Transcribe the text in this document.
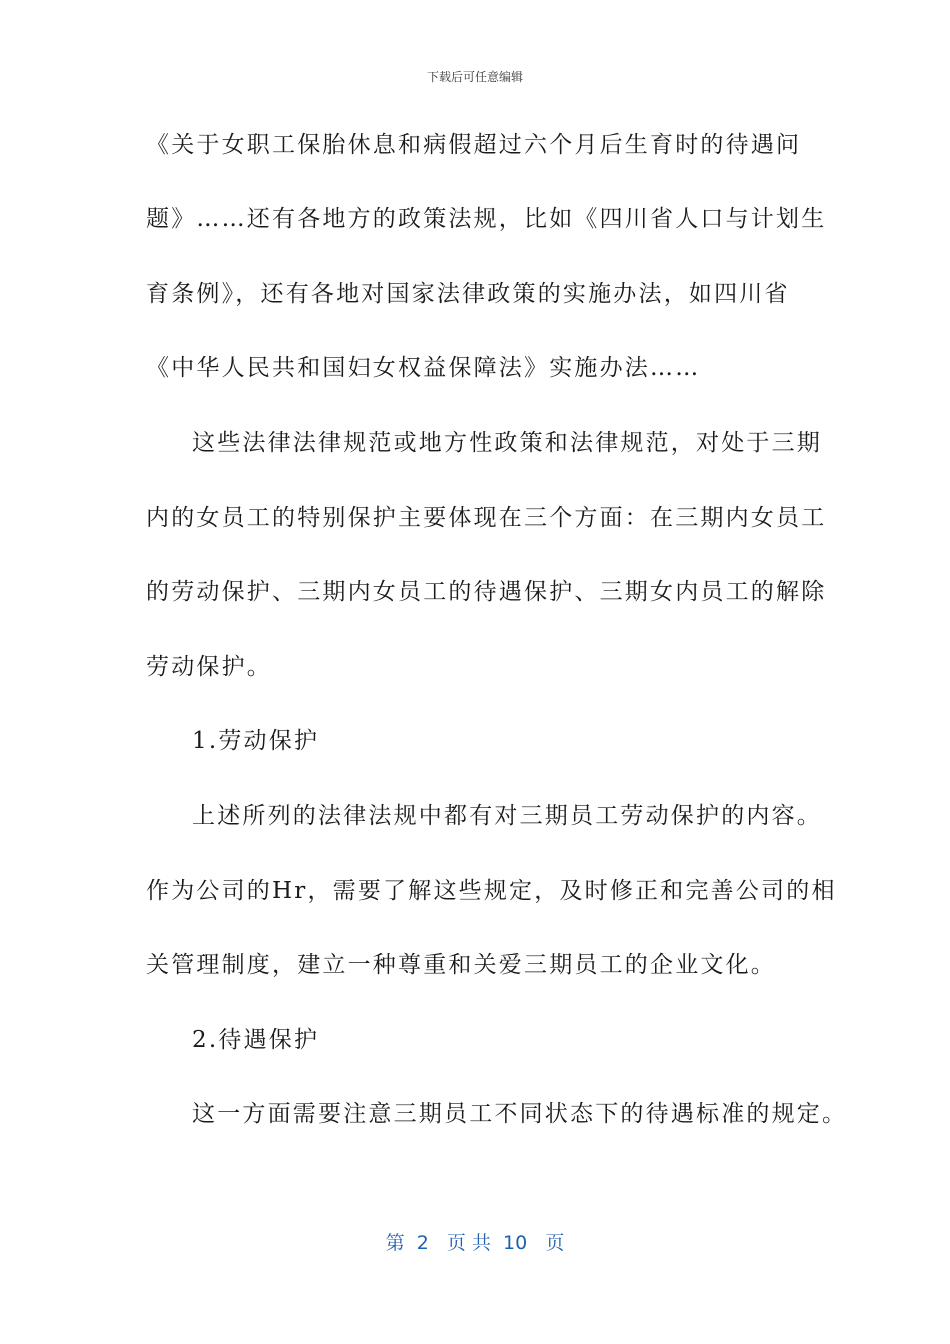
下载后可任意编辑
《关于女职工保胎休息和病假超过六个月后生育时的待遇问
题》……还有各地方的政策法规，比如《四川省人口与计划生
育条例》，还有各地对国家法律政策的实施办法，如四川省
《中华人民共和国妇女权益保障法》实施办法……
这些法律法律规范或地方性政策和法律规范，对处于三期
内的女员工的特别保护主要体现在三个方面：在三期内女员工
的劳动保护、三期内女员工的待遇保护、三期女内员工的解除
劳动保护。
1.劳动保护
上述所列的法律法规中都有对三期员工劳动保护的内容。
作为公司的Hr，需要了解这些规定，及时修正和完善公司的相
关管理制度，建立一种尊重和关爱三期员工的企业文化。
2.待遇保护
这一方面需要注意三期员工不同状态下的待遇标准的规定。
第  2   页 共  10   页
